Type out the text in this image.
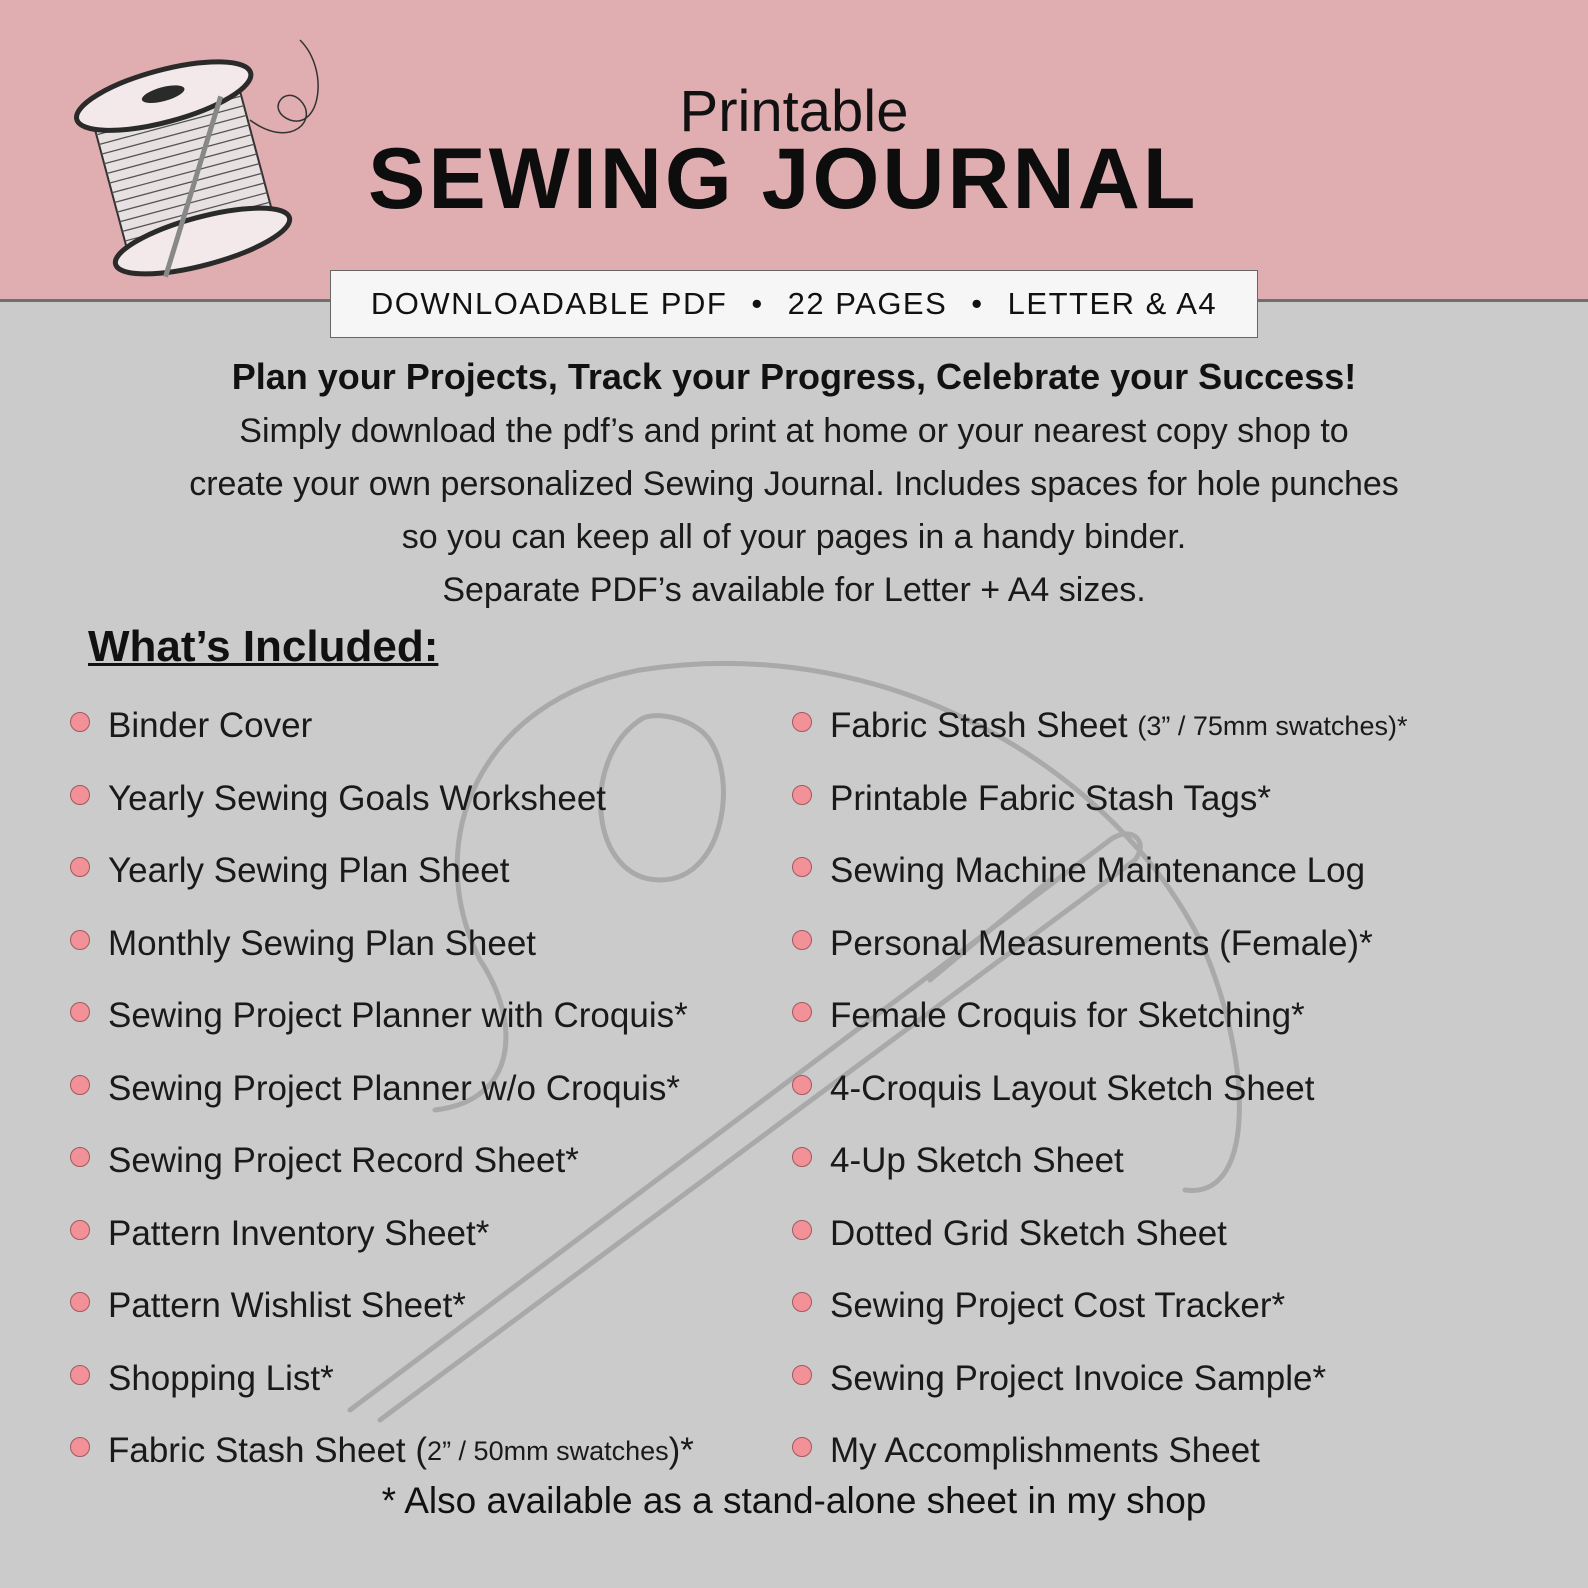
Printable
SEWING JOURNAL
DOWNLOADABLE PDF • 22 PAGES • LETTER & A4
Plan your Projects, Track your Progress, Celebrate your Success!
Simply download the pdf’s and print at home or your nearest copy shop to
create your own personalized Sewing Journal. Includes spaces for hole punches
so you can keep all of your pages in a handy binder.
Separate PDF’s available for Letter + A4 sizes.
What’s Included:
Binder Cover
Yearly Sewing Goals Worksheet
Yearly Sewing Plan Sheet
Monthly Sewing Plan Sheet
Sewing Project Planner with Croquis*
Sewing Project Planner w/o Croquis*
Sewing Project Record Sheet*
Pattern Inventory Sheet*
Pattern Wishlist Sheet*
Shopping List*
Fabric Stash Sheet ( 2” / 50mm swatches )*
Fabric Stash Sheet (3” / 75mm swatches)*
Printable Fabric Stash Tags*
Sewing Machine Maintenance Log
Personal Measurements (Female)*
Female Croquis for Sketching*
4-Croquis Layout Sketch Sheet
4-Up Sketch Sheet
Dotted Grid Sketch Sheet
Sewing Project Cost Tracker*
Sewing Project Invoice Sample*
My Accomplishments Sheet
* Also available as a stand-alone sheet in my shop
